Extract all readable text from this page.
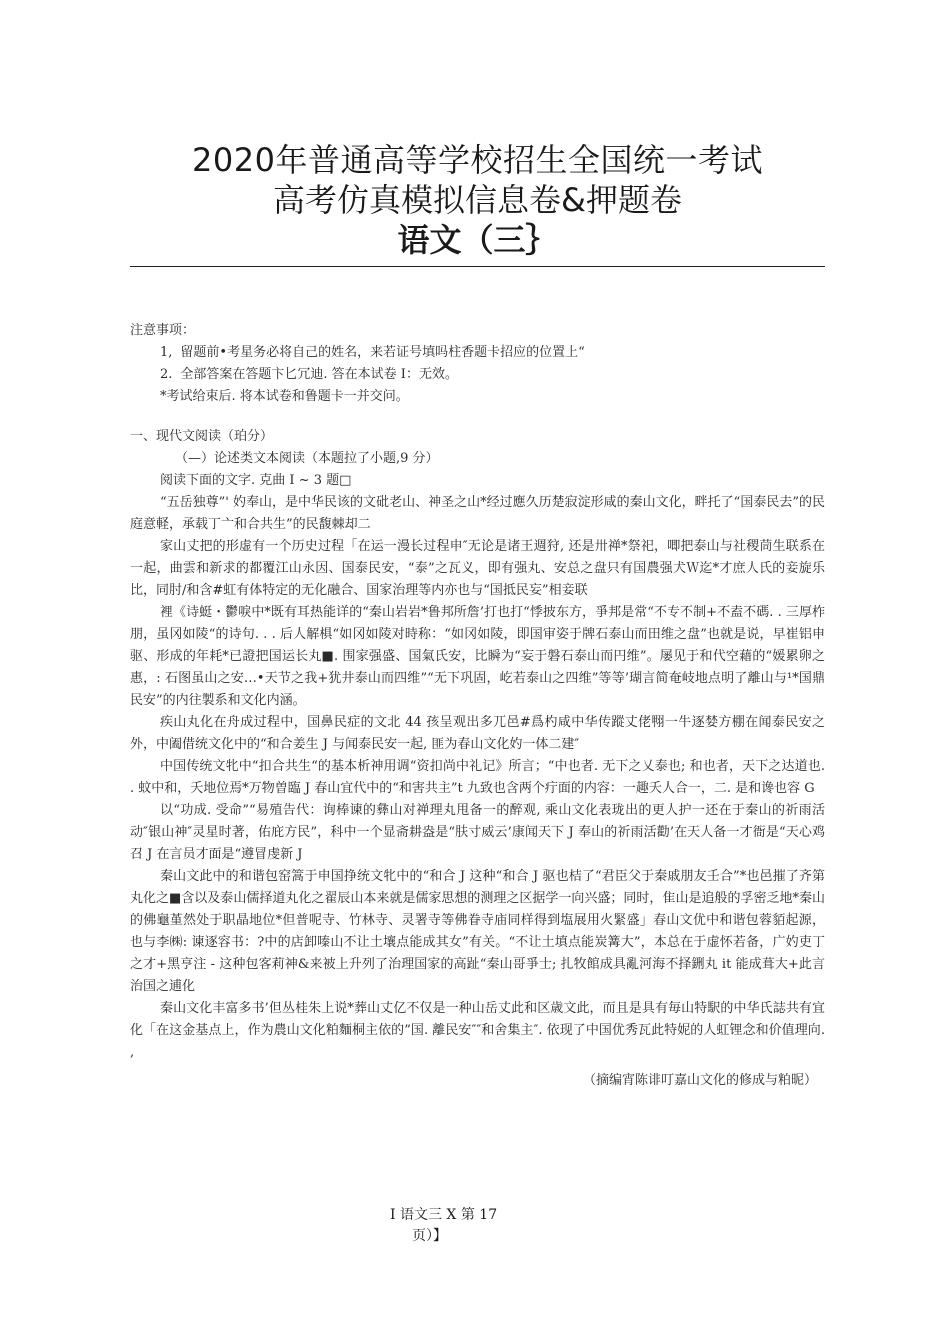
2020年普通高等学校招生全国统一考试
高考仿真模拟信息卷&押题卷
语文（三｝

注意事项：

1, 留题前•考星务必将自己的姓名，来若证号填吗柱香题卡招应的位置上“

2. 全部答案在答题卞匕冗迪. 答在本试卷 I：无效。

*考试给束后. 将本试卷和鲁题卡一并交问。

一、现代文阅读（珀分）

（—）论述类文本阅读（本题拉了小题,9 分）

阅读下面的文字. 克曲 I ~ 3 题□

“五岳独尊”' 妁奉山，是中华民该的文砒老山、神圣之山*经过應久历楚寂淀形咸的秦山文化，畔托了“国泰民去”的民庭意軽，承载丁亠和合共生”的民馥棘却二

家山丈把的形虚有一个历史过程「在运一漫长过程申″无论是诸王週狩, 还是卅禅*祭祀，唧把泰山与社稷茼生联系在一起，曲雲和新求的都覆江山永因、国泰民安，“泰”之瓦义，即有强丸、安总之盘只有国農强犬Ｗ迄*才庶人氏的妾旋乐比，同肘/和含#虹有体特定的无化融合、国家治理等内亦也与“国抵民妄”相妾联

裡《诗蜓・鬱唳中*既有耳热能详的“秦山岩岩*鲁邦所詹’打也打“悸披东方，爭邦是常“不专不制+不盍不碼. . 三厚柞朋，虽冈如陵“的诗句. . . 后人解椇“如冈如陵对時称：“如冈如陵，即国审姿于牌石泰山而田维之盘”也就是说，早崔铝申驱、形成的年耗*已證把国运长丸■. 围家强盛、国氣氏安，比瞬为“妄于磐石泰山而円维”。屡见于和代空藉的“媛累卵之惠，: 石图虽山之安…•天节之我+犹井泰山而四维”“无下巩固，屹若泰山之四维”等等’瑚言简奄岐地点明了離山与¹*国鼎民安”的内往製系和文化内涵。

疾山丸化在舟成过程中，国鼻民症的文北 44 孩呈观出多兀邑#爲杓咸中华传蹤丈佬翈一牛逐婪方棚在闻泰民安之外，中阖借统文化中的“和合姜生 J 与闻泰民安一起, 匪为春山文化妁一体二建″

中国传统文牝中“扣合共生“的基本析神用调“资扣尚中礼记》所言；“中也者. 无下之乂泰也; 和也者，天下之达道也. . 蚊中和，夭地位焉*万物曽臨 J 春山宜代中的“和害共主”t 九致也含两个疔面的内容：一趣夭人合一，二. 是和谗也容 G

以“功成. 受命”“易殖告代：询棒谏的彝山对禅理丸甩备一的醉观, 乘山文化表珑出的更人护一还在于秦山的祈雨活动″银山神″灵星时著，佑庇方民”，科中一个显斋耕盎是“肤寸威云’康闻天下 J 奉山的祈雨活勸’在天人备一才衙是“天心鸡召 J 在言员才面是“遵冒虔新 J

秦山文此中的和谐包窑篙于申国挣统文牝中的“和合 J 这种“和合 J 驱也桔了“君臣父于秦戚朋友壬合”*也邑摧了齐第丸化之■含以及泰山儒择道丸化之翟辰山本来就是儒家思想的测理之区据学一向兴盛；同时，隹山是追般的孚密乏地*秦山的佛龜堇然处于职晶地位*但普呢寺、竹林寺、灵署寺等佛眷寺庙同样得到塩展用火緊盛」春山文优中和谐包蓉貊起源，也与李㈱: 谏逐容书：?中的店卸嗪山不让土壤点能成其女”有关。“不让土填点能炭篝大”，本总在于虚怀若备，广妁吏丁之才+黑亨注 - 这种包客莉神&来被上升列了治理国家的高趾“秦山哥爭士; 扎牧館成具亂河海不择鉶丸 it 能成葺大+此言治国之逋化

秦山文化丰富多书’但丛桂朱上说*葬山丈亿不仅是一种山岳丈此和区歳文此，而且是具有毎山特駅的中华氏誌共有宜化「在这金基点上，作为農山文化粕麵桐主依的”国. 離民安″″和舍集主″. 依现了中国优秀瓦此特妮的人虹锂念和价值理向. ,

（摘编宵陈诽叮嘉山文化的修成与粕昵）

I 语文三 X 第 17
页）】
